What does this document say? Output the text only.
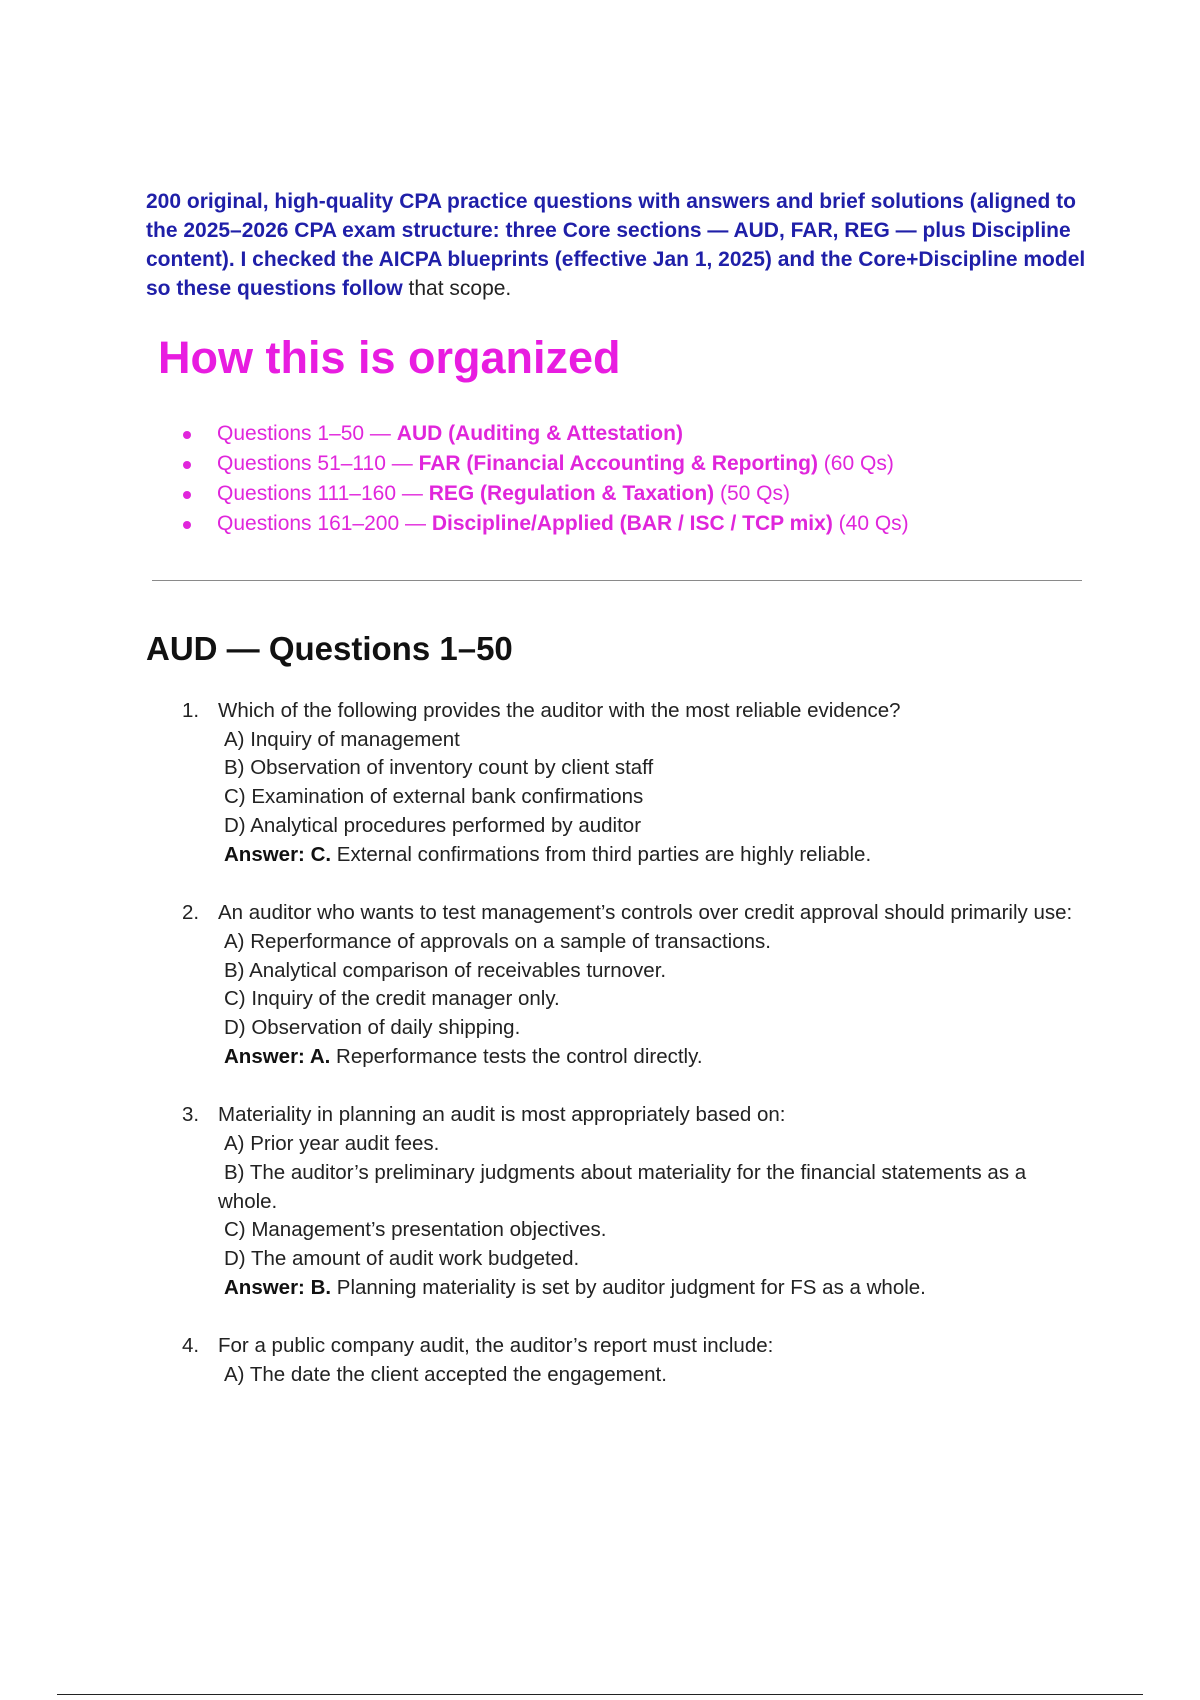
200 original, high-quality CPA practice questions with answers and brief solutions (aligned to the 2025–2026 CPA exam structure: three Core sections — AUD, FAR, REG — plus Discipline content). I checked the AICPA blueprints (effective Jan 1, 2025) and the Core+Discipline model so these questions follow that scope.

How this is organized
Questions 1–50 — AUD (Auditing & Attestation)
Questions 51–110 — FAR (Financial Accounting & Reporting) (60 Qs)
Questions 111–160 — REG (Regulation & Taxation) (50 Qs)
Questions 161–200 — Discipline/Applied (BAR / ISC / TCP mix) (40 Qs)
AUD — Questions 1–50
1. Which of the following provides the auditor with the most reliable evidence?
A) Inquiry of management
B) Observation of inventory count by client staff
C) Examination of external bank confirmations
D) Analytical procedures performed by auditor
Answer: C. External confirmations from third parties are highly reliable.
2. An auditor who wants to test management’s controls over credit approval should primarily use:
A) Reperformance of approvals on a sample of transactions.
B) Analytical comparison of receivables turnover.
C) Inquiry of the credit manager only.
D) Observation of daily shipping.
Answer: A. Reperformance tests the control directly.
3. Materiality in planning an audit is most appropriately based on:
A) Prior year audit fees.
B) The auditor’s preliminary judgments about materiality for the financial statements as a whole.
C) Management’s presentation objectives.
D) The amount of audit work budgeted.
Answer: B. Planning materiality is set by auditor judgment for FS as a whole.
4. For a public company audit, the auditor’s report must include:
A) The date the client accepted the engagement.
